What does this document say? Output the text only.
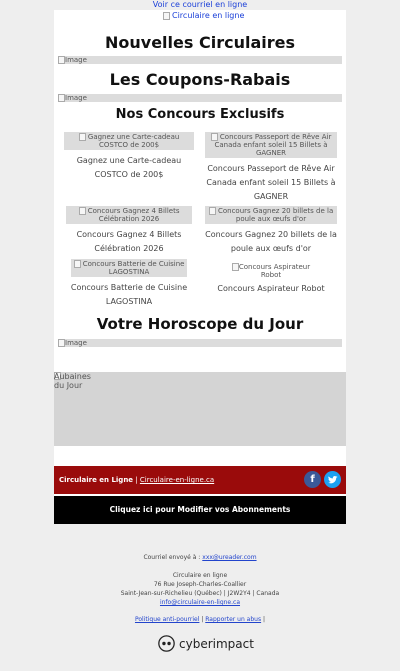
Voir ce courriel en ligne
Circulaire en ligne
Nouvelles Circulaires
Image
Les Coupons-Rabais
Image
Nos Concours Exclusifs
Gagnez une Carte-cadeau COSTCO de 200$
Gagnez une Carte-cadeau COSTCO de 200$
Concours Passeport de Rêve Air Canada enfant soleil 15 Billets à GAGNER
Concours Passeport de Rêve Air Canada enfant soleil 15 Billets à GAGNER
Concours Gagnez 4 Billets Célébration 2026
Concours Gagnez 4 Billets Célébration 2026
Concours Gagnez 20 billets de la poule aux œufs d'or
Concours Gagnez 20 billets de la poule aux œufs d'or
Concours Batterie de Cuisine LAGOSTINA
Concours Batterie de Cuisine LAGOSTINA
Concours Aspirateur Robot
Concours Aspirateur Robot
Votre Horoscope du Jour
Image
Aubaines du Jour
Circulaire en Ligne | Circulaire-en-ligne.ca	f
Cliquez ici pour Modifier vos Abonnements
Courriel envoyé à : xxx@ureader.com
Circulaire en ligne
76 Rue Joseph-Charles-Coallier
Saint-Jean-sur-Richelieu (Québec) | J2W2Y4 | Canada
info@circulaire-en-ligne.ca
Politique anti-pourriel | Rapporter un abus |
cyberimpact
